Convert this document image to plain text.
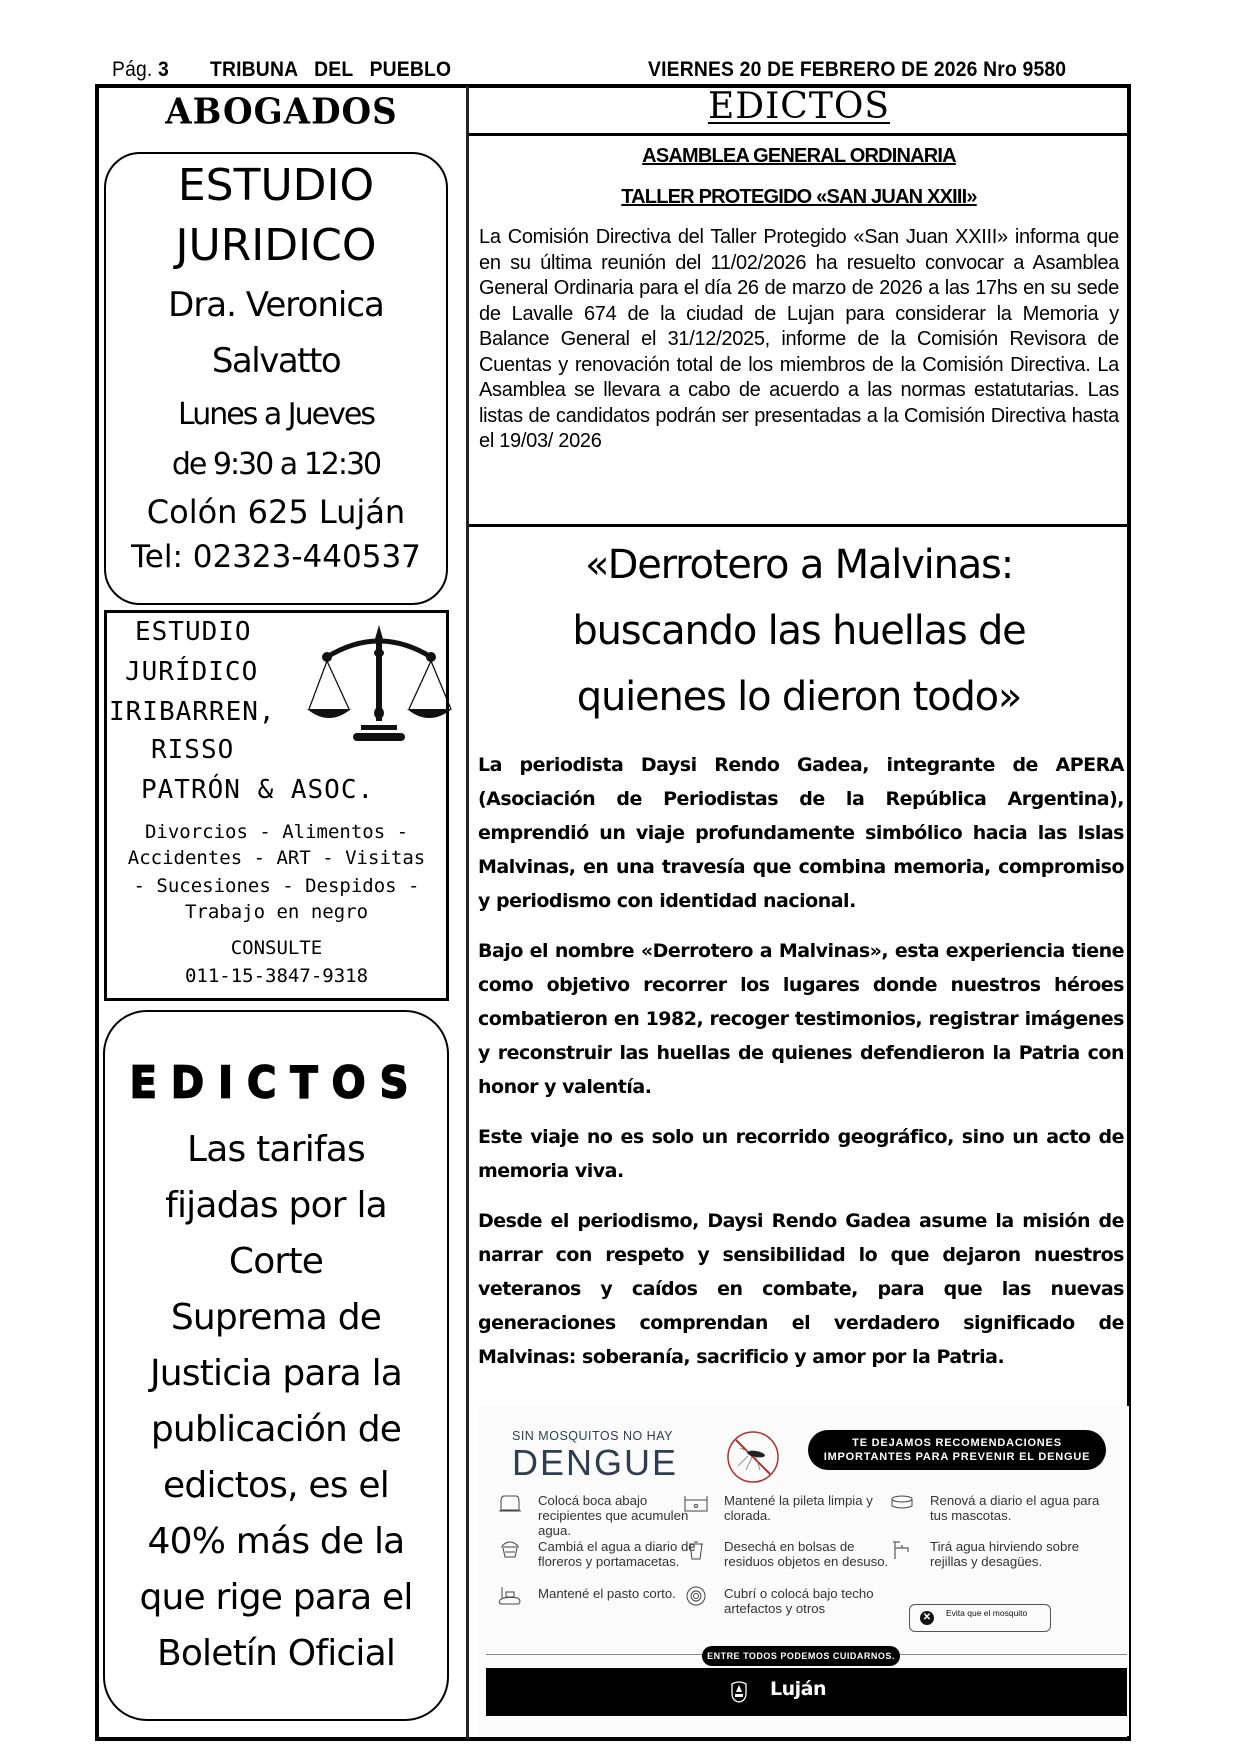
Pág. 3 TRIBUNA  DEL  PUEBLO	VIERNES 20 DE FEBRERO DE 2026 Nro 9580
ABOGADOS
ESTUDIO
JURIDICO
Dra. Veronica
Salvatto
Lunes a Jueves
de 9:30 a 12:30
Colón 625 Luján
Tel: 02323-440537
ESTUDIO
JURÍDICO
IRIBARREN,
RISSO
PATRÓN & ASOC.
Divorcios - Alimentos -
Accidentes - ART - Visitas
- Sucesiones - Despidos -
Trabajo en negro
CONSULTE
011-15-3847-9318
EDICTOS
Las tarifas
fijadas por la
Corte
Suprema de
Justicia para la
publicación de
edictos, es el
40% más de la
que rige para el
Boletín Oficial
EDICTOS
ASAMBLEA GENERAL ORDINARIA
TALLER PROTEGIDO «SAN JUAN XXIII»
La Comisión Directiva del Taller Protegido «San Juan XXIII» informa que en su última reunión del 11/02/2026 ha resuelto convocar a Asamblea General Ordinaria para el día 26 de marzo de 2026 a las 17hs en su sede de Lavalle 674 de la ciudad de Lujan para considerar la Memoria y Balance General el 31/12/2025, informe de la Comisión Revisora de Cuentas y renovación total de los miembros de la Comisión Directiva. La Asamblea se llevara a cabo de acuerdo a las normas estatutarias. Las listas de candidatos podrán ser presentadas a la Comisión Directiva hasta el 19/03/ 2026
«Derrotero a Malvinas:
buscando las huellas de
quienes lo dieron todo»

La periodista Daysi Rendo Gadea, integrante de APERA (Asociación de Periodistas de la República Argentina), emprendió un viaje profundamente simbólico hacia las Islas Malvinas, en una travesía que combina memoria, compromiso y periodismo con identidad nacional.

Bajo el nombre «Derrotero a Malvinas», esta experiencia tiene como objetivo recorrer los lugares donde nuestros héroes combatieron en 1982, recoger testimonios, registrar imágenes y reconstruir las huellas de quienes defendieron la Patria con honor y valentía.

Este viaje no es solo un recorrido geográfico, sino un acto de memoria viva.

Desde el periodismo, Daysi Rendo Gadea asume la misión de narrar con respeto y sensibilidad lo que dejaron nuestros veteranos y caídos en combate, para que las nuevas generaciones comprendan el verdadero significado de Malvinas: soberanía, sacrificio y amor por la Patria.

SIN MOSQUITOS NO HAY
DENGUE	TE DEJAMOS RECOMENDACIONES
IMPORTANTES PARA PREVENIR EL DENGUE
Colocá boca abajo recipientes que acumulen agua.
Mantené la pileta limpia y clorada.
Renová a diario el agua para tus mascotas.
Cambiá el agua a diario de floreros y portamacetas.
Desechá en bolsas de residuos objetos en desuso.
Tirá agua hirviendo sobre rejillas y desagües.
Mantené el pasto corto.	Cubrí o colocá bajo techo artefactos y otros
✕	Evita que el mosquito
ENTRE TODOS PODEMOS CUIDARNOS.
Luján
